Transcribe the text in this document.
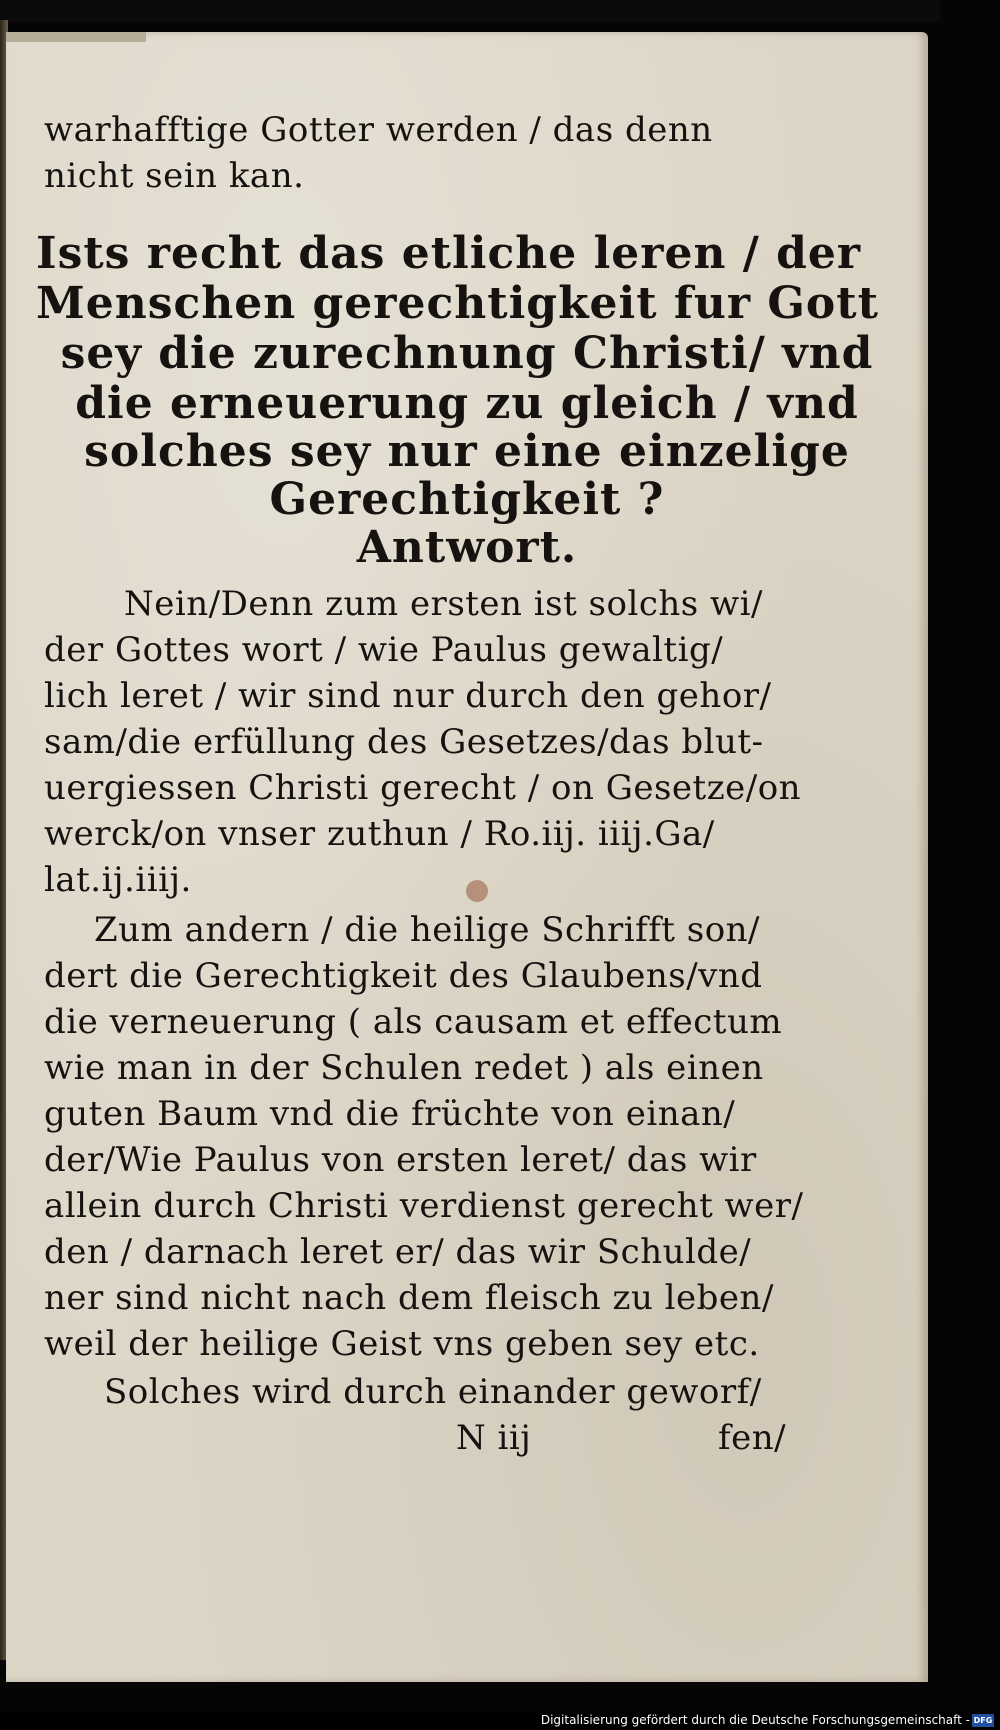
warhafftige Gotter werden / das denn
nicht sein kan.
Ists recht das etliche leren / der
Menschen gerechtigkeit fur Gott
sey die zurechnung Christi/ vnd
die erneuerung zu gleich / vnd
solches sey nur eine einzelige
Gerechtigkeit ?
Antwort.
Nein/Denn zum ersten ist solchs wi/
der Gottes wort / wie Paulus gewaltig/
lich leret / wir sind nur durch den gehor/
sam/die erfüllung des Gesetzes/das blut-
uergiessen Christi gerecht / on Gesetze/on
werck/on vnser zuthun / Ro.iij. iiij.Ga/
lat.ij.iiij.
Zum andern / die heilige Schrifft son/
dert die Gerechtigkeit des Glaubens/vnd
die verneuerung ( als causam et effectum
wie man in der Schulen redet ) als einen
guten Baum vnd die früchte von einan/
der/Wie Paulus von ersten leret/ das wir
allein durch Christi verdienst gerecht wer/
den / darnach leret er/ das wir Schulde/
ner sind nicht nach dem fleisch zu leben/
weil der heilige Geist vns geben sey etc.
Solches wird durch einander geworf/
N iij	fen/
Digitalisierung gefördert durch die Deutsche Forschungsgemeinschaft - DFG
